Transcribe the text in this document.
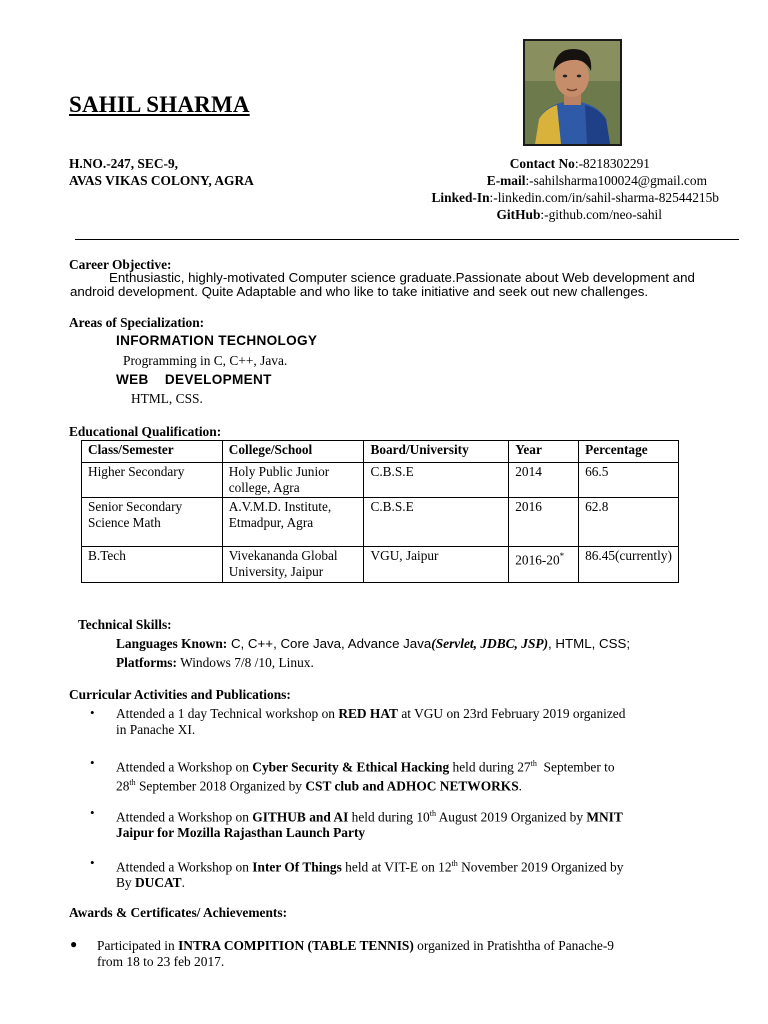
SAHIL SHARMA
H.NO.-247, SEC-9,
AVAS VIKAS COLONY, AGRA
Contact No:-8218302291
E-mail:-sahilsharma100024@gmail.com
Linked-In:-linkedin.com/in/sahil-sharma-82544215b
GitHub:-github.com/neo-sahil
Career Objective:
Enthusiastic, highly-motivated Computer science graduate.Passionate about Web development and
android development. Quite Adaptable and who like to take initiative and seek out new challenges.
Areas of Specialization:
INFORMATION TECHNOLOGY
Programming in C, C++, Java.
WEB    DEVELOPMENT
HTML, CSS.
Educational Qualification:
Class/Semester	College/School	Board/University	Year	Percentage
Higher Secondary	Holy Public Junior college, Agra	C.B.S.E	2014	66.5
Senior Secondary Science Math	A.V.M.D. Institute, Etmadpur, Agra	C.B.S.E	2016	62.8
B.Tech	Vivekananda Global University, Jaipur	VGU, Jaipur	2016-20*	86.45(currently)
Technical Skills:
Languages Known: C, C++, Core Java, Advance Java(Servlet, JDBC, JSP), HTML, CSS;
Platforms: Windows 7/8 /10, Linux.
Curricular Activities and Publications:
• Attended a 1 day Technical workshop on RED HAT at VGU on 23rd February 2019 organized
in Panache XI.
• Attended a Workshop on Cyber Security & Ethical Hacking held during 27th  September to
28th September 2018 Organized by CST club and ADHOC NETWORKS.
• Attended a Workshop on GITHUB and AI held during 10th August 2019 Organized by MNIT
Jaipur for Mozilla Rajasthan Launch Party
• Attended a Workshop on Inter Of Things held at VIT-E on 12th November 2019 Organized by
By DUCAT.
Awards & Certificates/ Achievements:
● Participated in INTRA COMPITION (TABLE TENNIS) organized in Pratishtha of Panache-9
from 18 to 23 feb 2017.
